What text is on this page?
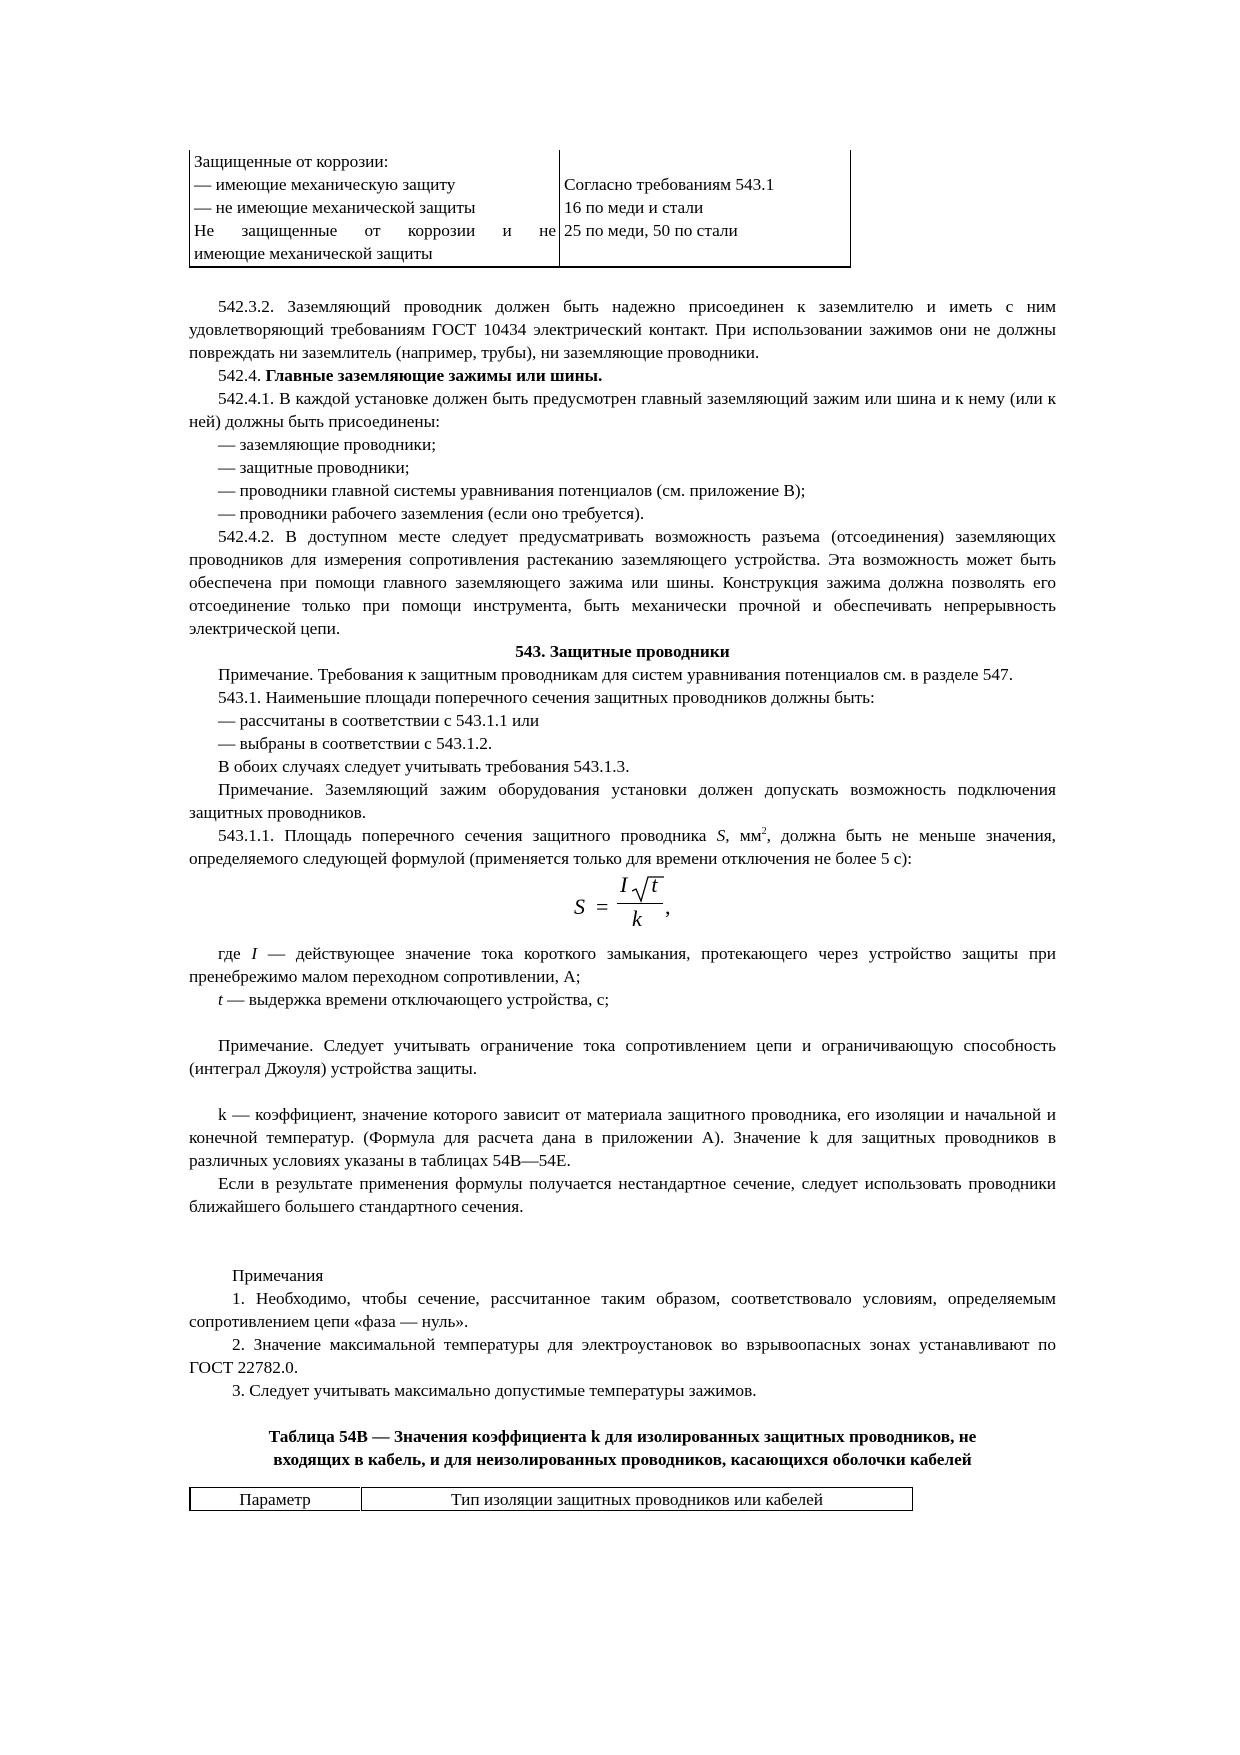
Защищенные от коррозии:
— имеющие механическую защиту
— не имеющие механической защиты
Не защищенные от коррозии и не
имеющие механической защиты
Согласно требованиям 543.1
16 по меди и стали
25 по меди, 50 по стали

542.3.2. Заземляющий проводник должен быть надежно присоединен к заземлителю и иметь с ним удовлетворяющий требованиям ГОСТ 10434 электрический контакт. При использовании зажимов они не должны повреждать ни заземлитель (например, трубы), ни заземляющие проводники.

542.4. Главные заземляющие зажимы или шины.

542.4.1. В каждой установке должен быть предусмотрен главный заземляющий зажим или шина и к нему (или к ней) должны быть присоединены:

— заземляющие проводники;

— защитные проводники;

— проводники главной системы уравнивания потенциалов (см. приложение В);

— проводники рабочего заземления (если оно требуется).

542.4.2. В доступном месте следует предусматривать возможность разъема (отсоединения) заземляющих проводников для измерения сопротивления растеканию заземляющего устройства. Эта возможность может быть обеспечена при помощи главного заземляющего зажима или шины. Конструкция зажима должна позволять его отсоединение только при помощи инструмента, быть механически прочной и обеспечивать непрерывность электрической цепи.

543. Защитные проводники

Примечание. Требования к защитным проводникам для систем уравнивания потенциалов см. в разделе 547.

543.1. Наименьшие площади поперечного сечения защитных проводников должны быть:

— рассчитаны в соответствии с 543.1.1 или

— выбраны в соответствии с 543.1.2.

В обоих случаях следует учитывать требования 543.1.3.

Примечание. Заземляющий зажим оборудования установки должен допускать возможность подключения защитных проводников.

543.1.1. Площадь поперечного сечения защитного проводника S, $мм^2$, должна быть не меньше значения, определяемого следующей формулой (применяется только для времени отключения не более 5 с):

S =
I t
k ,

где I — действующее значение тока короткого замыкания, протекающего через устройство защиты при пренебрежимо малом переходном сопротивлении, А;

t — выдержка времени отключающего устройства, с;

Примечание. Следует учитывать ограничение тока сопротивлением цепи и ограничивающую способность (интеграл Джоуля) устройства защиты.

k — коэффициент, значение которого зависит от материала защитного проводника, его изоляции и начальной и конечной температур. (Формула для расчета дана в приложении А). Значение k для защитных проводников в различных условиях указаны в таблицах 54В—54Е.

Если в результате применения формулы получается нестандартное сечение, следует использовать проводники ближайшего большего стандартного сечения.

Примечания

1. Необходимо, чтобы сечение, рассчитанное таким образом, соответствовало условиям, определяемым сопротивлением цепи «фаза — нуль».

2. Значение максимальной температуры для электроустановок во взрывоопасных зонах устанавливают по ГОСТ 22782.0.

3. Следует учитывать максимально допустимые температуры зажимов.

Таблица 54В — Значения коэффициента k для изолированных защитных проводников, не
входящих в кабель, и для неизолированных проводников, касающихся оболочки кабелей
Параметр	Тип изоляции защитных проводников или кабелей
